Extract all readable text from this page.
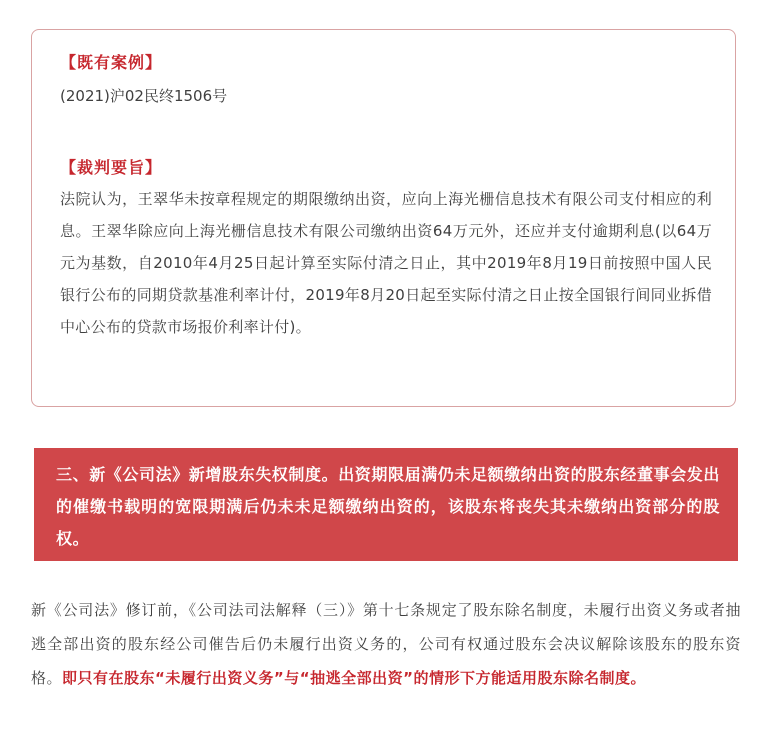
【既有案例】
(2021)沪02民终1506号
【裁判要旨】
法院认为，王翠华未按章程规定的期限缴纳出资，应向上海光栅信息技术有限公司支付相应的利息。王翠华除应向上海光栅信息技术有限公司缴纳出资64万元外，还应并支付逾期利息(以64万元为基数，自2010年4月25日起计算至实际付清之日止，其中2019年8月19日前按照中国人民银行公布的同期贷款基准利率计付，2019年8月20日起至实际付清之日止按全国银行间同业拆借中心公布的贷款市场报价利率计付)。
三、新《公司法》新增股东失权制度。出资期限届满仍未足额缴纳出资的股东经董事会发出的催缴书载明的宽限期满后仍未未足额缴纳出资的，该股东将丧失其未缴纳出资部分的股权。
新《公司法》修订前，《公司法司法解释（三）》第十七条规定了股东除名制度，未履行出资义务或者抽逃全部出资的股东经公司催告后仍未履行出资义务的，公司有权通过股东会决议解除该股东的股东资格。即只有在股东“未履行出资义务”与“抽逃全部出资”的情形下方能适用股东除名制度。
